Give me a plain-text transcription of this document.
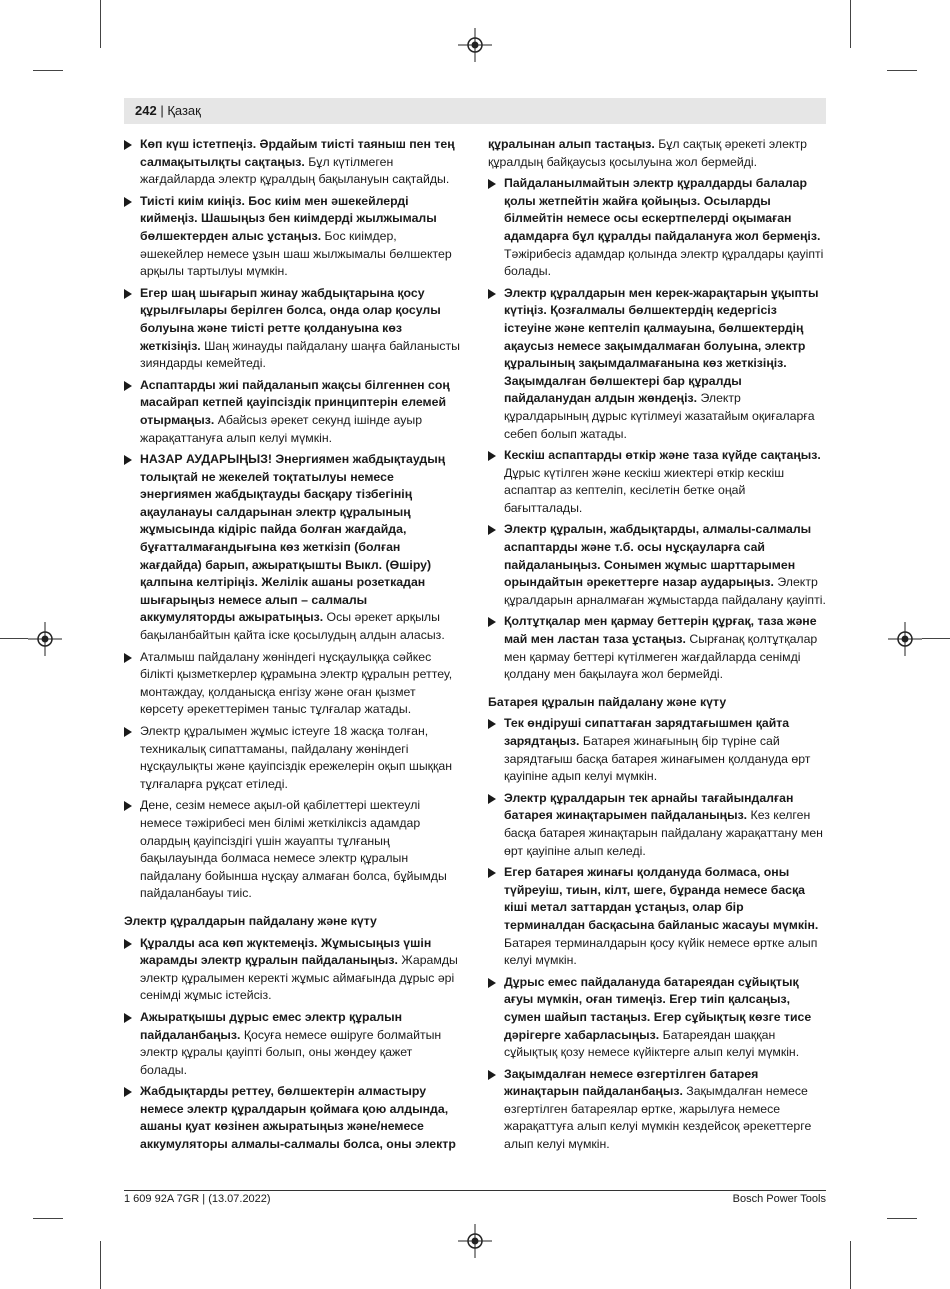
242 | Қазақ
Көп күш істетпеңіз. Әрдайым тиісті таяныш пен тең салмақытылқты сақтаңыз. Бұл күтілмеген жағдайларда электр құралдың бақылануын сақтайды.
Тиісті киім киіңіз. Бос киім мен әшекейлерді киймеңіз. Шашыңыз бен киімдерді жылжымалы бөлшектерден алыс ұстаңыз. Бос киімдер, әшекейлер немесе ұзын шаш жылжымалы бөлшектер арқылы тартылуы мүмкін.
Егер шаң шығарып жинау жабдықтарына қосу құрылғылары берілген болса, онда олар қосулы болуына және тиісті ретте қолдануына көз жеткізіңіз. Шаң жинауды пайдалану шаңға байланысты зияндарды кемейтеді.
Аспаптарды жиі пайдаланып жақсы білгеннен соң масайрап кетпей қауіпсіздік принциптерін елемей отырмаңыз. Абайсыз әрекет секунд ішінде ауыр жарақаттануға алып келуі мүмкін.
НАЗАР АУДАРЫҢЫЗ! Энергиямен жабдықтаудың толықтай не жекелей тоқтатылуы немесе энергиямен жабдықтауды басқару тізбегінің ақауланауы салдарынан электр құралының жұмысында кідіріс пайда болған жағдайда, бұғатталмағандығына көз жеткізіп (болған жағдайда) барып, ажыратқышты Выкл. (Өшіру) қалпына келтіріңіз. Желілік ашаны розеткадан шығарыңыз немесе алып – салмалы аккумуляторды ажыратыңыз. Осы әрекет арқылы бақыланбайтын қайта іске қосылудың алдын аласыз.
Аталмыш пайдалану жөніндегі нұсқаулыққа сәйкес білікті қызметкерлер құрамына электр құралын реттеу, монтаждау, қолданысқа енгізу және оған қызмет көрсету әрекеттерімен таныс тұлғалар жатады.
Электр құралымен жұмыс істеуге 18 жасқа толған, техникалық сипаттаманы, пайдалану жөніндегі нұсқаулықты және қауіпсіздік ережелерін оқып шыққан тұлғаларға рұқсат етіледі.
Дене, сезім немесе ақыл-ой қабілеттері шектеулі немесе тәжірибесі мен білімі жеткіліксіз адамдар олардың қауіпсіздігі үшін жауапты тұлғаның бақылауында болмаса немесе электр құралын пайдалану бойынша нұсқау алмаған болса, бұйымды пайдаланбауы тиіс.
Электр құралдарын пайдалану және күту
Құралды аса көп жүктемеңіз. Жұмысыңыз үшін жарамды электр құралын пайдаланыңыз. Жарамды электр құралымен керекті жұмыс аймағында дұрыс әрі сенімді жұмыс істейсіз.
Ажыратқышы дұрыс емес электр құралын пайдаланбаңыз. Қосуға немесе өшіруге болмайтын электр құралы қауіпті болып, оны жөндеу қажет болады.
Жабдықтарды реттеу, бөлшектерін алмастыру немесе электр құралдарын қоймаға қою алдында, ашаны қуат көзінен ажыратыңыз және/немесе аккумуляторы алмалы-салмалы болса, оны электр
құралынан алып тастаңыз. Бұл сақтық әрекеті электр құралдың байқаусыз қосылуына жол бермейді.
Пайдаланылмайтын электр құралдарды балалар қолы жетпейтін жайға қойыңыз. Осыларды білмейтін немесе осы ескертпелерді оқымаған адамдарға бұл құралды пайдалануға жол бермеңіз. Тәжірибесіз адамдар қолында электр құралдары қауіпті болады.
Электр құралдарын мен керек-жарақтарын ұқыпты күтіңіз. Қозғалмалы бөлшектердің кедергісіз істеуіне және кептеліп қалмауына, бөлшектердің ақаусыз немесе зақымдалмаған болуына, электр құралының зақымдалмағанына көз жеткізіңіз. Зақымдалған бөлшектері бар құралды пайдаланудан алдын жөндеңіз. Электр құралдарының дұрыс күтілмеуі жазатайым оқиғаларға себеп болып жатады.
Кескіш аспаптарды өткір және таза күйде сақтаңыз. Дұрыс күтілген және кескіш жиектері өткір кескіш аспаптар аз кептеліп, кесілетін бетке оңай бағытталады.
Электр құралын, жабдықтарды, алмалы-салмалы аспаптарды және т.б. осы нұсқауларға сай пайдаланыңыз. Сонымен жұмыс шарттарымен орындайтын әрекеттерге назар аударыңыз. Электр құралдарын арналмаған жұмыстарда пайдалану қауіпті.
Қолтұтқалар мен қармау беттерін құрғақ, таза және май мен ластан таза ұстаңыз. Сырғанақ қолтұтқалар мен қармау беттері күтілмеген жағдайларда сенімді қолдану мен бақылауға жол бермейді.
Батарея құралын пайдалану және күту
Тек өндіруші сипаттаған зарядтағышмен қайта зарядтаңыз. Батарея жинағының бір түріне сай зарядтағыш басқа батарея жинағымен қолдануда өрт қауіпіне адып келуі мүмкін.
Электр құралдарын тек арнайы тағайындалған батарея жинақтарымен пайдаланыңыз. Кез келген басқа батарея жинақтарын пайдалану жарақаттану мен өрт қауіпіне алып келеді.
Егер батарея жинағы қолдануда болмаса, оны түйреуіш, тиын, кілт, шеге, бұранда немесе басқа кіші метал заттардан ұстаңыз, олар бір терминалдан басқасына байланыс жасауы мүмкін. Батарея терминалдарын қосу күйік немесе өртке алып келуі мүмкін.
Дұрыс емес пайдалануда батареядан сұйықтық ағуы мүмкін, оған тимеңіз. Егер тиіп қалсаңыз, сумен шайып тастаңыз. Егер сұйықтық көзге тисе дәрігерге хабарласыңыз. Батареядан шаққан сұйықтық қозу немесе күйіктерге алып келуі мүмкін.
Зақымдалған немесе өзгертілген батарея жинақтарын пайдаланбаңыз. Зақымдалған немесе өзгертілген батареялар өртке, жарылуға немесе жарақаттуға алып келуі мүмкін кездейсоқ әрекеттерге алып келуі мүмкін.
1 609 92A 7GR | (13.07.2022)	Bosch Power Tools
